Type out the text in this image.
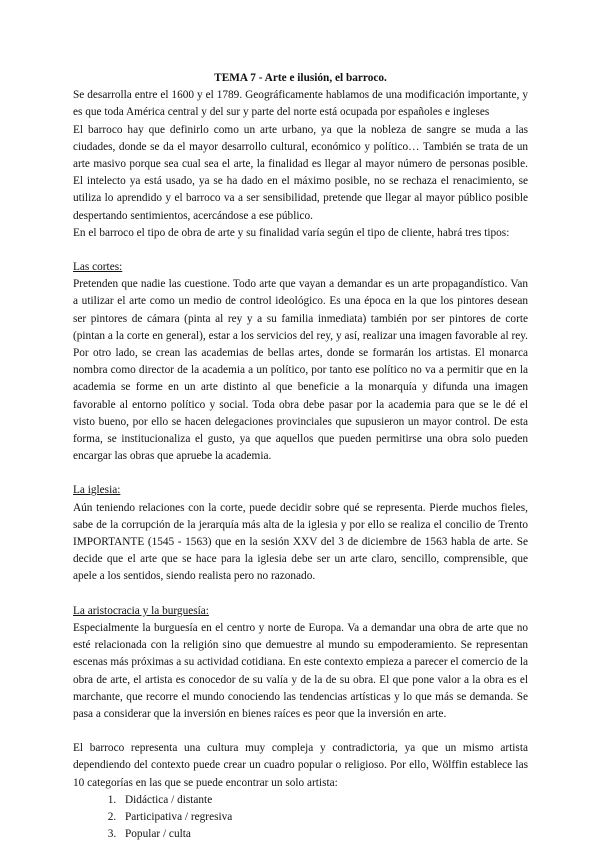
TEMA 7 - Arte e ilusión, el barroco.

Se desarrolla entre el 1600 y el 1789. Geográficamente hablamos de una modificación importante, y es que toda América central y del sur y parte del norte está ocupada por españoles e ingleses

El barroco hay que definirlo como un arte urbano, ya que la nobleza de sangre se muda a las ciudades, donde se da el mayor desarrollo cultural, económico y político… También se trata de un arte masivo porque sea cual sea el arte, la finalidad es llegar al mayor número de personas posible. El intelecto ya está usado, ya se ha dado en el máximo posible, no se rechaza el renacimiento, se utiliza lo aprendido y el barroco va a ser sensibilidad, pretende que llegar al mayor público posible despertando sentimientos, acercándose a ese público.

En el barroco el tipo de obra de arte y su finalidad varía según el tipo de cliente, habrá tres tipos:

Las cortes:

Pretenden que nadie las cuestione. Todo arte que vayan a demandar es un arte propagandístico. Van a utilizar el arte como un medio de control ideológico. Es una época en la que los pintores desean ser pintores de cámara (pinta al rey y a su familia inmediata) también por ser pintores de corte (pintan a la corte en general), estar a los servicios del rey, y así, realizar una imagen favorable al rey. Por otro lado, se crean las academias de bellas artes, donde se formarán los artistas. El monarca nombra como director de la academia a un político, por tanto ese político no va a permitir que en la academia se forme en un arte distinto al que beneficie a la monarquía y difunda una imagen favorable al entorno político y social. Toda obra debe pasar por la academia para que se le dé el visto bueno, por ello se hacen delegaciones provinciales que supusieron un mayor control. De esta forma, se institucionaliza el gusto, ya que aquellos que pueden permitirse una obra solo pueden encargar las obras que apruebe la academia.

La iglesia:

Aún teniendo relaciones con la corte, puede decidir sobre qué se representa. Pierde muchos fieles, sabe de la corrupción de la jerarquía más alta de la iglesia y por ello se realiza el concilio de Trento IMPORTANTE (1545 - 1563) que en la sesión XXV del 3 de diciembre de 1563 habla de arte. Se decide que el arte que se hace para la iglesia debe ser un arte claro, sencillo, comprensible, que apele a los sentidos, siendo realista pero no razonado.

La aristocracia y la burguesía:

Especialmente la burguesía en el centro y norte de Europa. Va a demandar una obra de arte que no esté relacionada con la religión sino que demuestre al mundo su empoderamiento. Se representan escenas más próximas a su actividad cotidiana. En este contexto empieza a parecer el comercio de la obra de arte, el artista es conocedor de su valía y de la de su obra. El que pone valor a la obra es el marchante, que recorre el mundo conociendo las tendencias artísticas y lo que más se demanda. Se pasa a considerar que la inversión en bienes raíces es peor que la inversión en arte.

El barroco representa una cultura muy compleja y contradictoria, ya que un mismo artista dependiendo del contexto puede crear un cuadro popular o religioso. Por ello, Wölffin establece las 10 categorías en las que se puede encontrar un solo artista:

1. Didáctica / distante
2. Participativa / regresiva
3. Popular / culta
